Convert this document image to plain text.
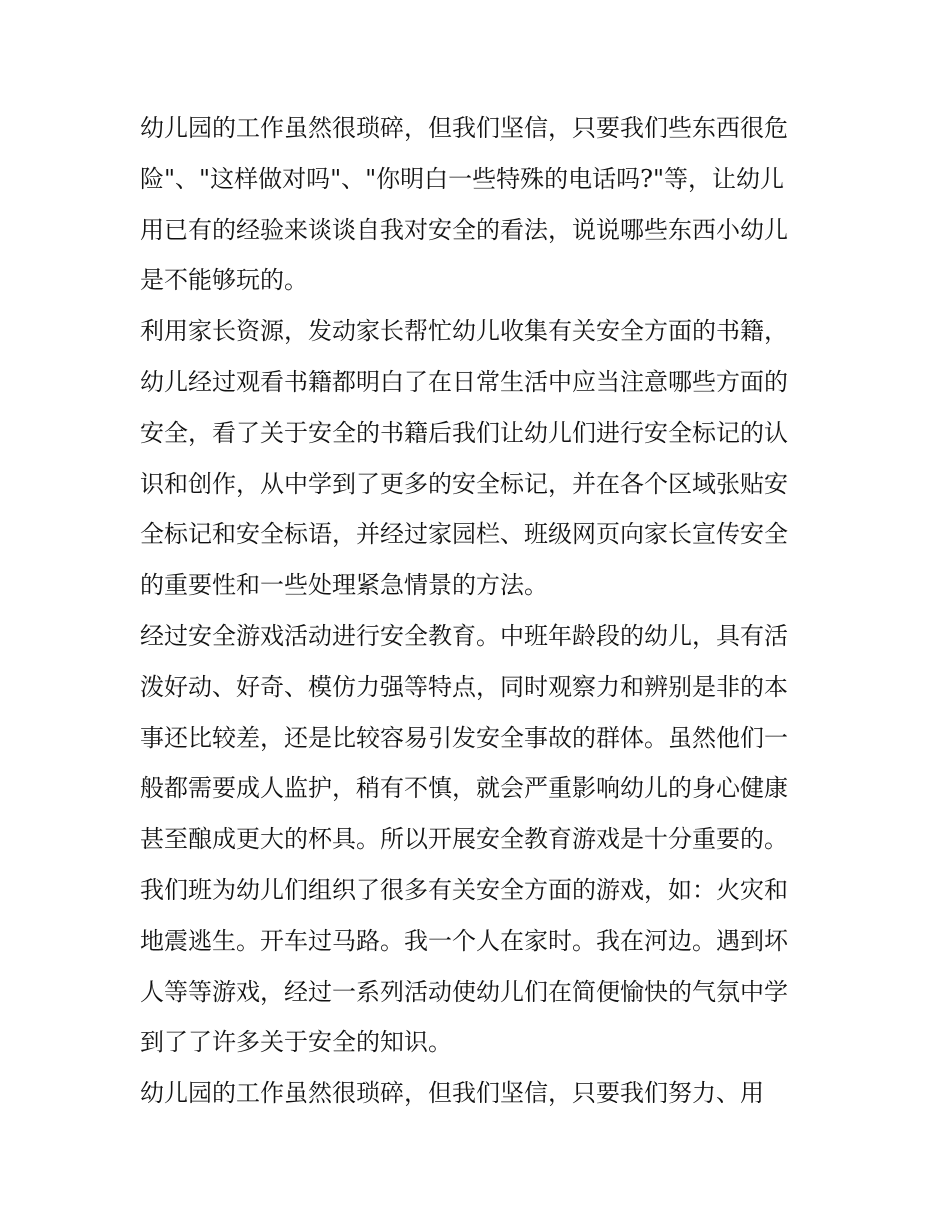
幼儿园的工作虽然很琐碎，但我们坚信，只要我们些东西很危
险"、"这样做对吗"、"你明白一些特殊的电话吗?"等，让幼儿
用已有的经验来谈谈自我对安全的看法，说说哪些东西小幼儿
是不能够玩的。

利用家长资源，发动家长帮忙幼儿收集有关安全方面的书籍，
幼儿经过观看书籍都明白了在日常生活中应当注意哪些方面的
安全，看了关于安全的书籍后我们让幼儿们进行安全标记的认
识和创作，从中学到了更多的安全标记，并在各个区域张贴安
全标记和安全标语，并经过家园栏、班级网页向家长宣传安全
的重要性和一些处理紧急情景的方法。

经过安全游戏活动进行安全教育。中班年龄段的幼儿，具有活
泼好动、好奇、模仿力强等特点，同时观察力和辨别是非的本
事还比较差，还是比较容易引发安全事故的群体。虽然他们一
般都需要成人监护，稍有不慎，就会严重影响幼儿的身心健康
甚至酿成更大的杯具。所以开展安全教育游戏是十分重要的。

我们班为幼儿们组织了很多有关安全方面的游戏，如：火灾和
地震逃生。开车过马路。我一个人在家时。我在河边。遇到坏
人等等游戏，经过一系列活动使幼儿们在简便愉快的气氛中学
到了了许多关于安全的知识。

幼儿园的工作虽然很琐碎，但我们坚信，只要我们努力、用
